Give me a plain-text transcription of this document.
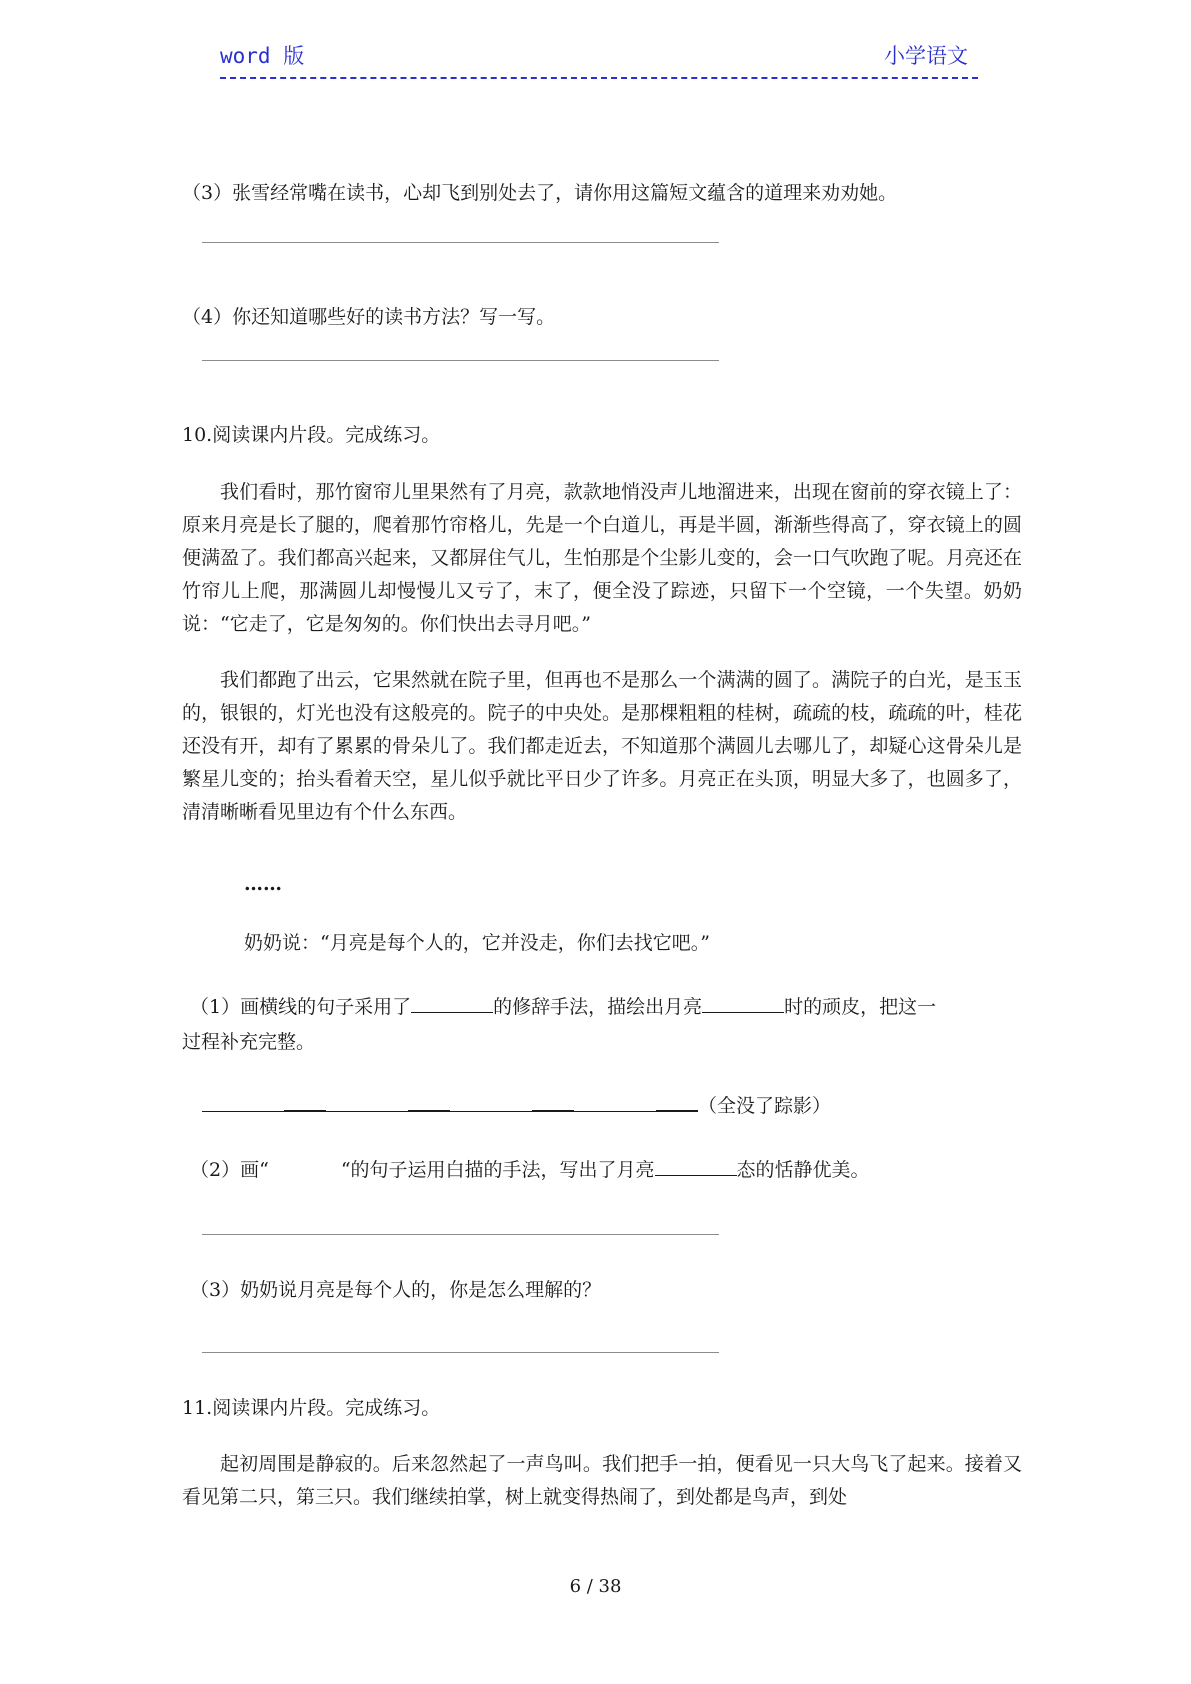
word 版	小学语文
（3）张雪经常嘴在读书，心却飞到别处去了，请你用这篇短文蕴含的道理来劝劝她。
（4）你还知道哪些好的读书方法？写一写。
10.阅读课内片段。完成练习。

我们看时，那竹窗帘儿里果然有了月亮，款款地悄没声儿地溜进来，出现在窗前的穿衣镜上了：原来月亮是长了腿的，爬着那竹帘格儿，先是一个白道儿，再是半圆，渐渐些得高了，穿衣镜上的圆便满盈了。我们都高兴起来，又都屏住气儿，生怕那是个尘影儿变的，会一口气吹跑了呢。月亮还在竹帘儿上爬，那满圆儿却慢慢儿又亏了，末了，便全没了踪迹，只留下一个空镜，一个失望。奶奶说：“它走了，它是匆匆的。你们快出去寻月吧。”

我们都跑了出云，它果然就在院子里，但再也不是那么一个满满的圆了。满院子的白光，是玉玉的，银银的，灯光也没有这般亮的。院子的中央处。是那棵粗粗的桂树，疏疏的枝，疏疏的叶，桂花还没有开，却有了累累的骨朵儿了。我们都走近去，不知道那个满圆儿去哪儿了，却疑心这骨朵儿是繁星儿变的；抬头看着天空，星儿似乎就比平日少了许多。月亮正在头顶，明显大多了，也圆多了，清清晰晰看见里边有个什么东西。

……
奶奶说：“月亮是每个人的，它并没走，你们去找它吧。”
（1）画横线的句子采用了	的修辞手法，描绘出月亮	时的顽皮，把这一
过程补充完整。
（全没了踪影）
（2）画“	“的句子运用白描的手法，写出了月亮	态的恬静优美。
（3）奶奶说月亮是每个人的，你是怎么理解的？
11.阅读课内片段。完成练习。

起初周围是静寂的。后来忽然起了一声鸟叫。我们把手一拍，便看见一只大鸟飞了起来。接着又看见第二只，第三只。我们继续拍掌，树上就变得热闹了，到处都是鸟声，到处

6 / 38
